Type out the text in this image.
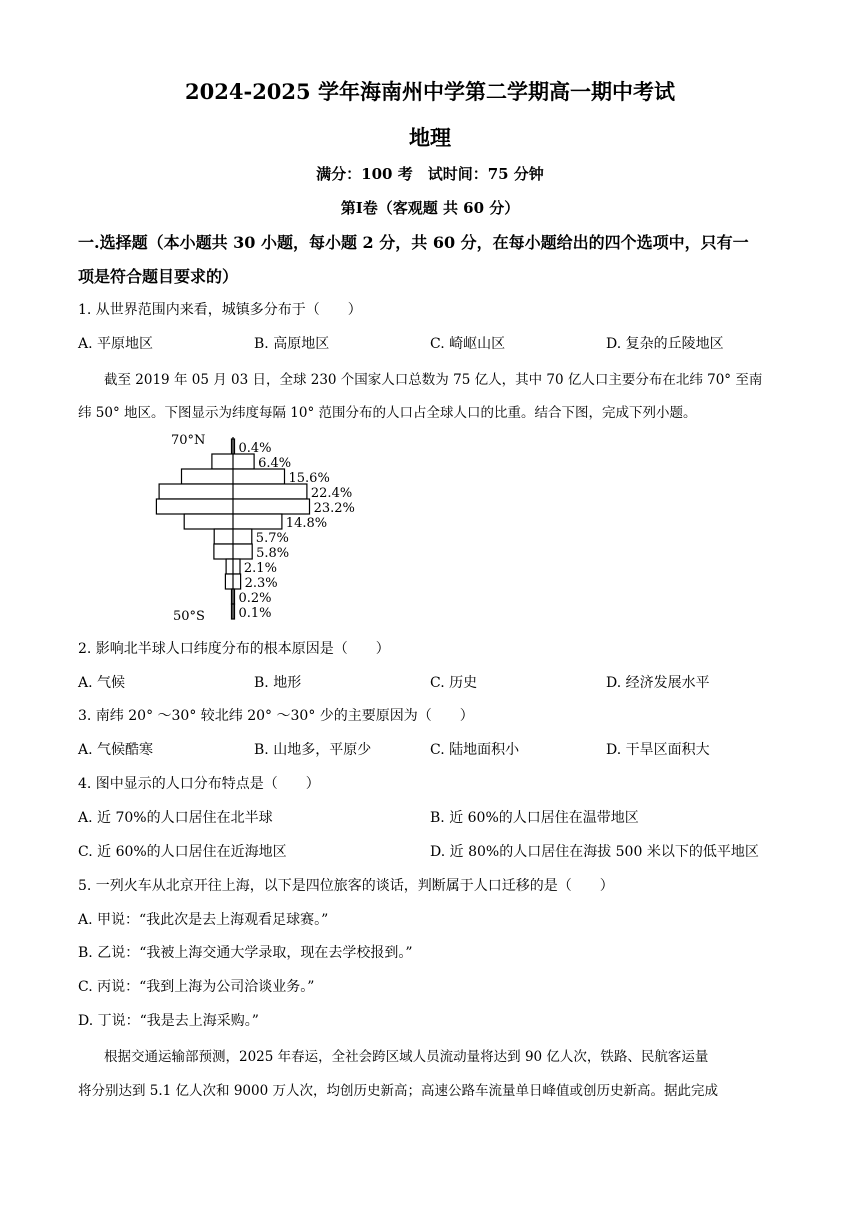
2024-2025 学年海南州中学第二学期高一期中考试
地理
满分：100 考　试时间：75 分钟
第Ⅰ卷（客观题 共 60 分）
一.选择题（本小题共 30 小题，每小题 2 分，共 60 分，在每小题给出的四个选项中，只有一
项是符合题目要求的）
1. 从世界范围内来看，城镇多分布于（　　）
A. 平原地区	B. 高原地区	C. 崎岖山区	D. 复杂的丘陵地区
截至 2019 年 05 月 03 日，全球 230 个国家人口总数为 75 亿人，其中 70 亿人口主要分布在北纬 70° 至南
纬 50° 地区。下图显示为纬度每隔 10° 范围分布的人口占全球人口的比重。结合下图，完成下列小题。
70°N
50°S
0.4%
6.4%
15.6%
22.4%
23.2%
14.8%
5.7%
5.8%
2.1%
2.3%
0.2%
0.1%
2. 影响北半球人口纬度分布的根本原因是（　　）
A. 气候	B. 地形	C. 历史	D. 经济发展水平
3. 南纬 20° ～30° 较北纬 20° ～30° 少的主要原因为（　　）
A. 气候酷寒	B. 山地多，平原少	C. 陆地面积小	D. 干旱区面积大
4. 图中显示的人口分布特点是（　　）
A. 近 70%的人口居住在北半球	B. 近 60%的人口居住在温带地区
C. 近 60%的人口居住在近海地区	D. 近 80%的人口居住在海拔 500 米以下的低平地区
5. 一列火车从北京开往上海，以下是四位旅客的谈话，判断属于人口迁移的是（　　）
A. 甲说：“我此次是去上海观看足球赛。”
B. 乙说：“我被上海交通大学录取，现在去学校报到。”
C. 丙说：“我到上海为公司洽谈业务。”
D. 丁说：“我是去上海采购。”
根据交通运输部预测，2025 年春运，全社会跨区域人员流动量将达到 90 亿人次，铁路、民航客运量
将分别达到 5.1 亿人次和 9000 万人次，均创历史新高；高速公路车流量单日峰值或创历史新高。据此完成
